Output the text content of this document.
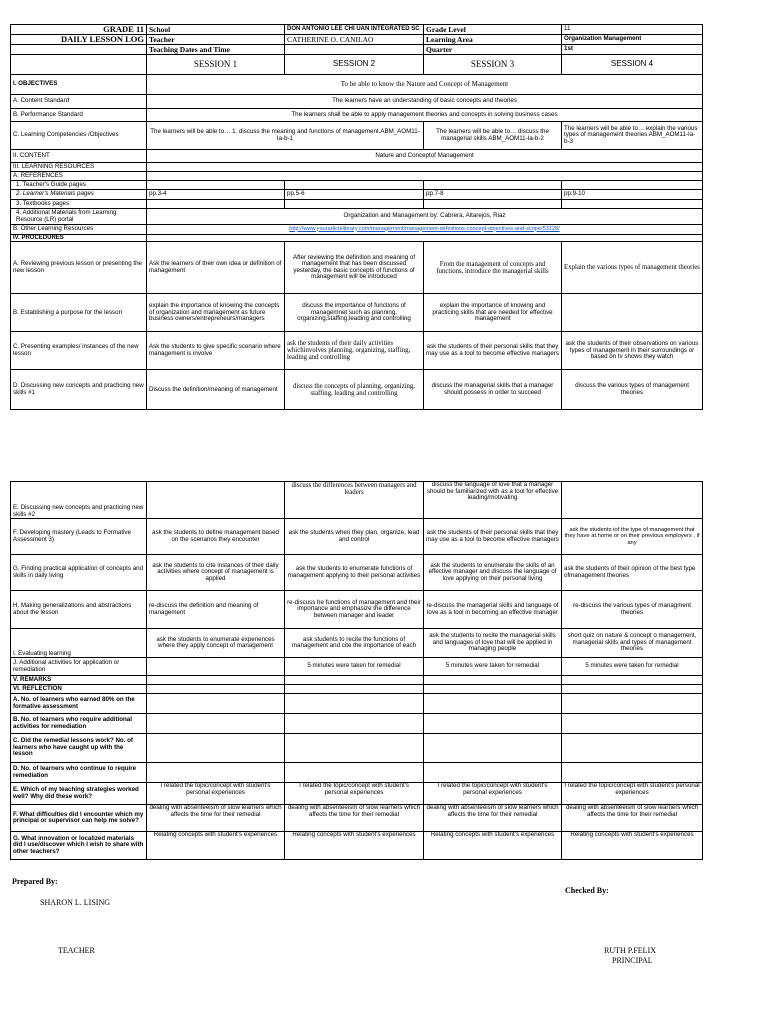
GRADE 11	School	DON ANTONIO LEE CHI UAN INTEGRATED SC	Grade Level	11
DAILY LESSON LOG	Teacher	CATHERINE O. CANILAO	Learning Area	Organization Management
	Teaching Dates and Time		Quarter	1st
	SESSION 1	SESSION 2	SESSION 3	SESSION 4
I. OBJECTIVES	To be able to know the Nature and Concept of Management			
A. Content Standard	The learners have an understanding of basic concepts and theories			
B. Performance Standard	The learners shall be able to apply management theories and concepts in solving business cases			
C. Learning Competencies /Objectives	The learners will be able to… 1. discuss the meaning and functions of management.ABM_AOM11-Ia-b-1		The learners will be able to… discuss the managerial skills ABM_AOM11-Ia-b-2	The learners will be able to… explain the various types of management theories ABM_AOM11-Ia-b-3
II. CONTENT	Nature and Conceptof Management			
III. LEARNING RESOURCES				
A. REFERENCES				
1. Teacher's Guide pages				
2. Learner's Materials pages	pp.3-4	pp.5-6	pp.7-8	pp.9-10
3. Textbooks pages				
4. Additional Materials from Learning Resource (LR) portal	Organization and Management by: Cabrera, Altarejos, Riaz			
B. Other Learning Resources	http://www.yourarticlelibrary.com/management/management-definitions-concept-objectives-and-scope/53128/			
IV. PROCEDURES				
A. Reviewing previous lesson or presenting the new lesson	Ask the learners of their own idea or definition of management	After reviewing the definition and meaning of management that has been discussed yesterday, the basic concepts of functions of management will be introduced	From the management of concepts and functions, introduce the managerial skills	Explain the various types of management theories
B. Establishing a purpose for the lesson	explain the importance of knowing the concepts of organization and management as future business owners/entrepreneurs/managers	discuss the importance of functions of managemnet such as planning, organizing,staffing,leading and controlling	explain the importance of knowing and practicing skills that are needed for effective management	
C. Presenting examples/ instances of the new lesson	Ask the students to give specific scenario where management is involve	ask the students of their daily activities whichinvolves planning, organizing, staffing, leading and controlling	ask the students of their personal skills that they may use as a tool to become effective managers	ask the students of their observations on various types of management in their surroundings or based on tv shows they watch
D. Discussing new concepts and practicing new skills #1	Discuss the definition/meaning of management	discuss the concepts of planning, organizing, staffing, leading and controlling	discuss the managerial skills that a manager should possess in order to succeed	discuss the various types of management theories
E. Discussing new concepts and practicing new skills #2		discuss the differences between managers and leaders	discuss the language of love that a manager should be familiarized with as a tool for effective leading/motivating	
F. Developing mastery (Leads to Formative Assessment 3)	ask the students to define management based on the scenarios they encounter	ask the students when they plan, organize, lead and control	ask the students of their personal skills that they may use as a tool to become effective managers	ask the students iof the type of management that they have at home or on their previous employers , if any
G. Finding practical application of concepts and skills in daily living	ask the students to cite instances of their daily activities where concept of management is applied	ask the students to enumerate functions of management applying to their personal activities	ask the students to enumerate the skills of an effective manager and discuss the language of love applying on their personal living	ask the students of their opinion of the best type ofmanagement theories
H. Making generalizations and abstractions about the lesson	re-discuss the definition and meaning of management	re-discuss he functions of management and their importance and emphasize the difference between manager and leader	re-discuss the managerial skills and language of love as a tool in becoming an effective manager	re-discuss the various types of managment theories
I. Evaluating learning	ask the students to enumerate experiences where they apply concept of management	ask students to recite the functions of management and cite the importance of each	ask the students to recite the managerial skills and languages of love that will be applied in managing people	short quiz on nature & concept o management, managerial skills and types of management theories
J. Additional activities for application or remediation		5 minutes were taken for remedial	5 minutes were taken for remedial	5 minutes were taken for remedial
V. REMARKS				
VI. REFLECTION				
A. No. of learners who earned 80% on the formative assessment				
B. No. of learners who require additional activities for remediation				
C. Did the remedial lessons work? No. of learners who have caught up with the lesson				
D. No. of learners who continue to require remediation				
E. Which of my teaching strategies worked well? Why did these work?	I related the topic/concept with student's personal experiences	I related the topic/concept with student's personal experiences	I related the topic/concept with student's personal experiences	I related the topic/concept with student's personal experiences
F. What difficulties did I encounter which my principal or supervisor can help me solve?	dealing with absenteeism of slow learners which affects the time for their remedial	dealing with absenteeism of slow learners which affects the time for their remedial	dealing with absenteeism of slow learners which affects the time for their remedial	dealing with absenteeism of slow learners which affects the time for their remedial
G. What innovation or localized materials did I use/discover which I wish to share with other teachers?	Relating concepts with student's experiences	Relating concepts with student's experiences	Relating concepts with student's experiences	Relating concepts with student's experiences
Prepared By:
SHARON L. LISING
TEACHER
Checked By:
RUTH P.FELIX
PRINCIPAL
